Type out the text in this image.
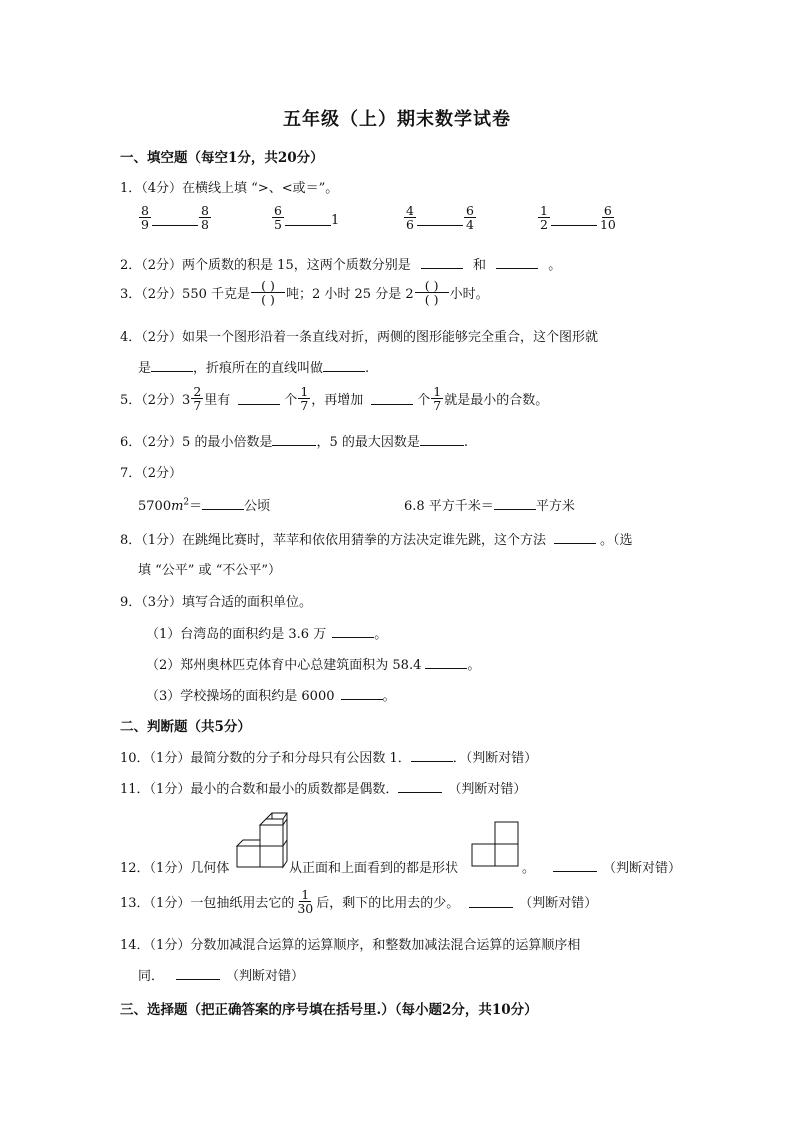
五年级（上）期末数学试卷
一、填空题（每空1分，共20分）
1．（4分）在横线上填 “>、<或＝”。
$\frac{8}{9}$	$\frac{8}{8}$	$\frac{6}{5}$	1	$\frac{4}{6}$	$\frac{6}{4}$	$\frac{1}{2}$	$\frac{6}{10}$
2．（2分）两个质数的积是 15，这两个质数分别是	和	。
3．（2分）550 千克是 $\frac{( )}{( )}$ 吨；2 小时 25 分是 $2 \frac{( )}{( )}$ 小时。
4．（2分）如果一个图形沿着一条直线对折，两侧的图形能够完全重合，这个图形就
是	，折痕所在的直线叫做	.
5．（2分）$3 \frac{2}{7}$ 里有	个 $\frac{1}{7}$ ，再增加	个 $\frac{1}{7}$ 就是最小的合数。
6．（2分）5 的最小倍数是	，5 的最大因数是	.
7．（2分）
$5700m^2=$	公顷	6.8 平方千米＝	平方米
8．（1分）在跳绳比赛时，苹苹和依依用猜拳的方法决定谁先跳，这个方法	。（选
填 “公平” 或 “不公平”）
9．（3分）填写合适的面积单位。
（1）台湾岛的面积约是 3.6 万	。
（2）郑州奥林匹克体育中心总建筑面积为 58.4	。
（3）学校操场的面积约是 6000	。
二、判断题（共5分）
10．（1分）最简分数的分子和分母只有公因数 1．	．（判断对错）
11．（1分）最小的合数和最小的质数都是偶数．	（判断对错）
12．（1分）几何体	从正面和上面看到的都是形状	。	（判断对错）
13．（1分）一包抽纸用去它的 $\frac{1}{30}$ 后，剩下的比用去的少。	（判断对错）
14．（1分）分数加减混合运算的运算顺序，和整数加减法混合运算的运算顺序相
同．	（判断对错）
三、选择题（把正确答案的序号填在括号里.）（每小题2分，共10分）
